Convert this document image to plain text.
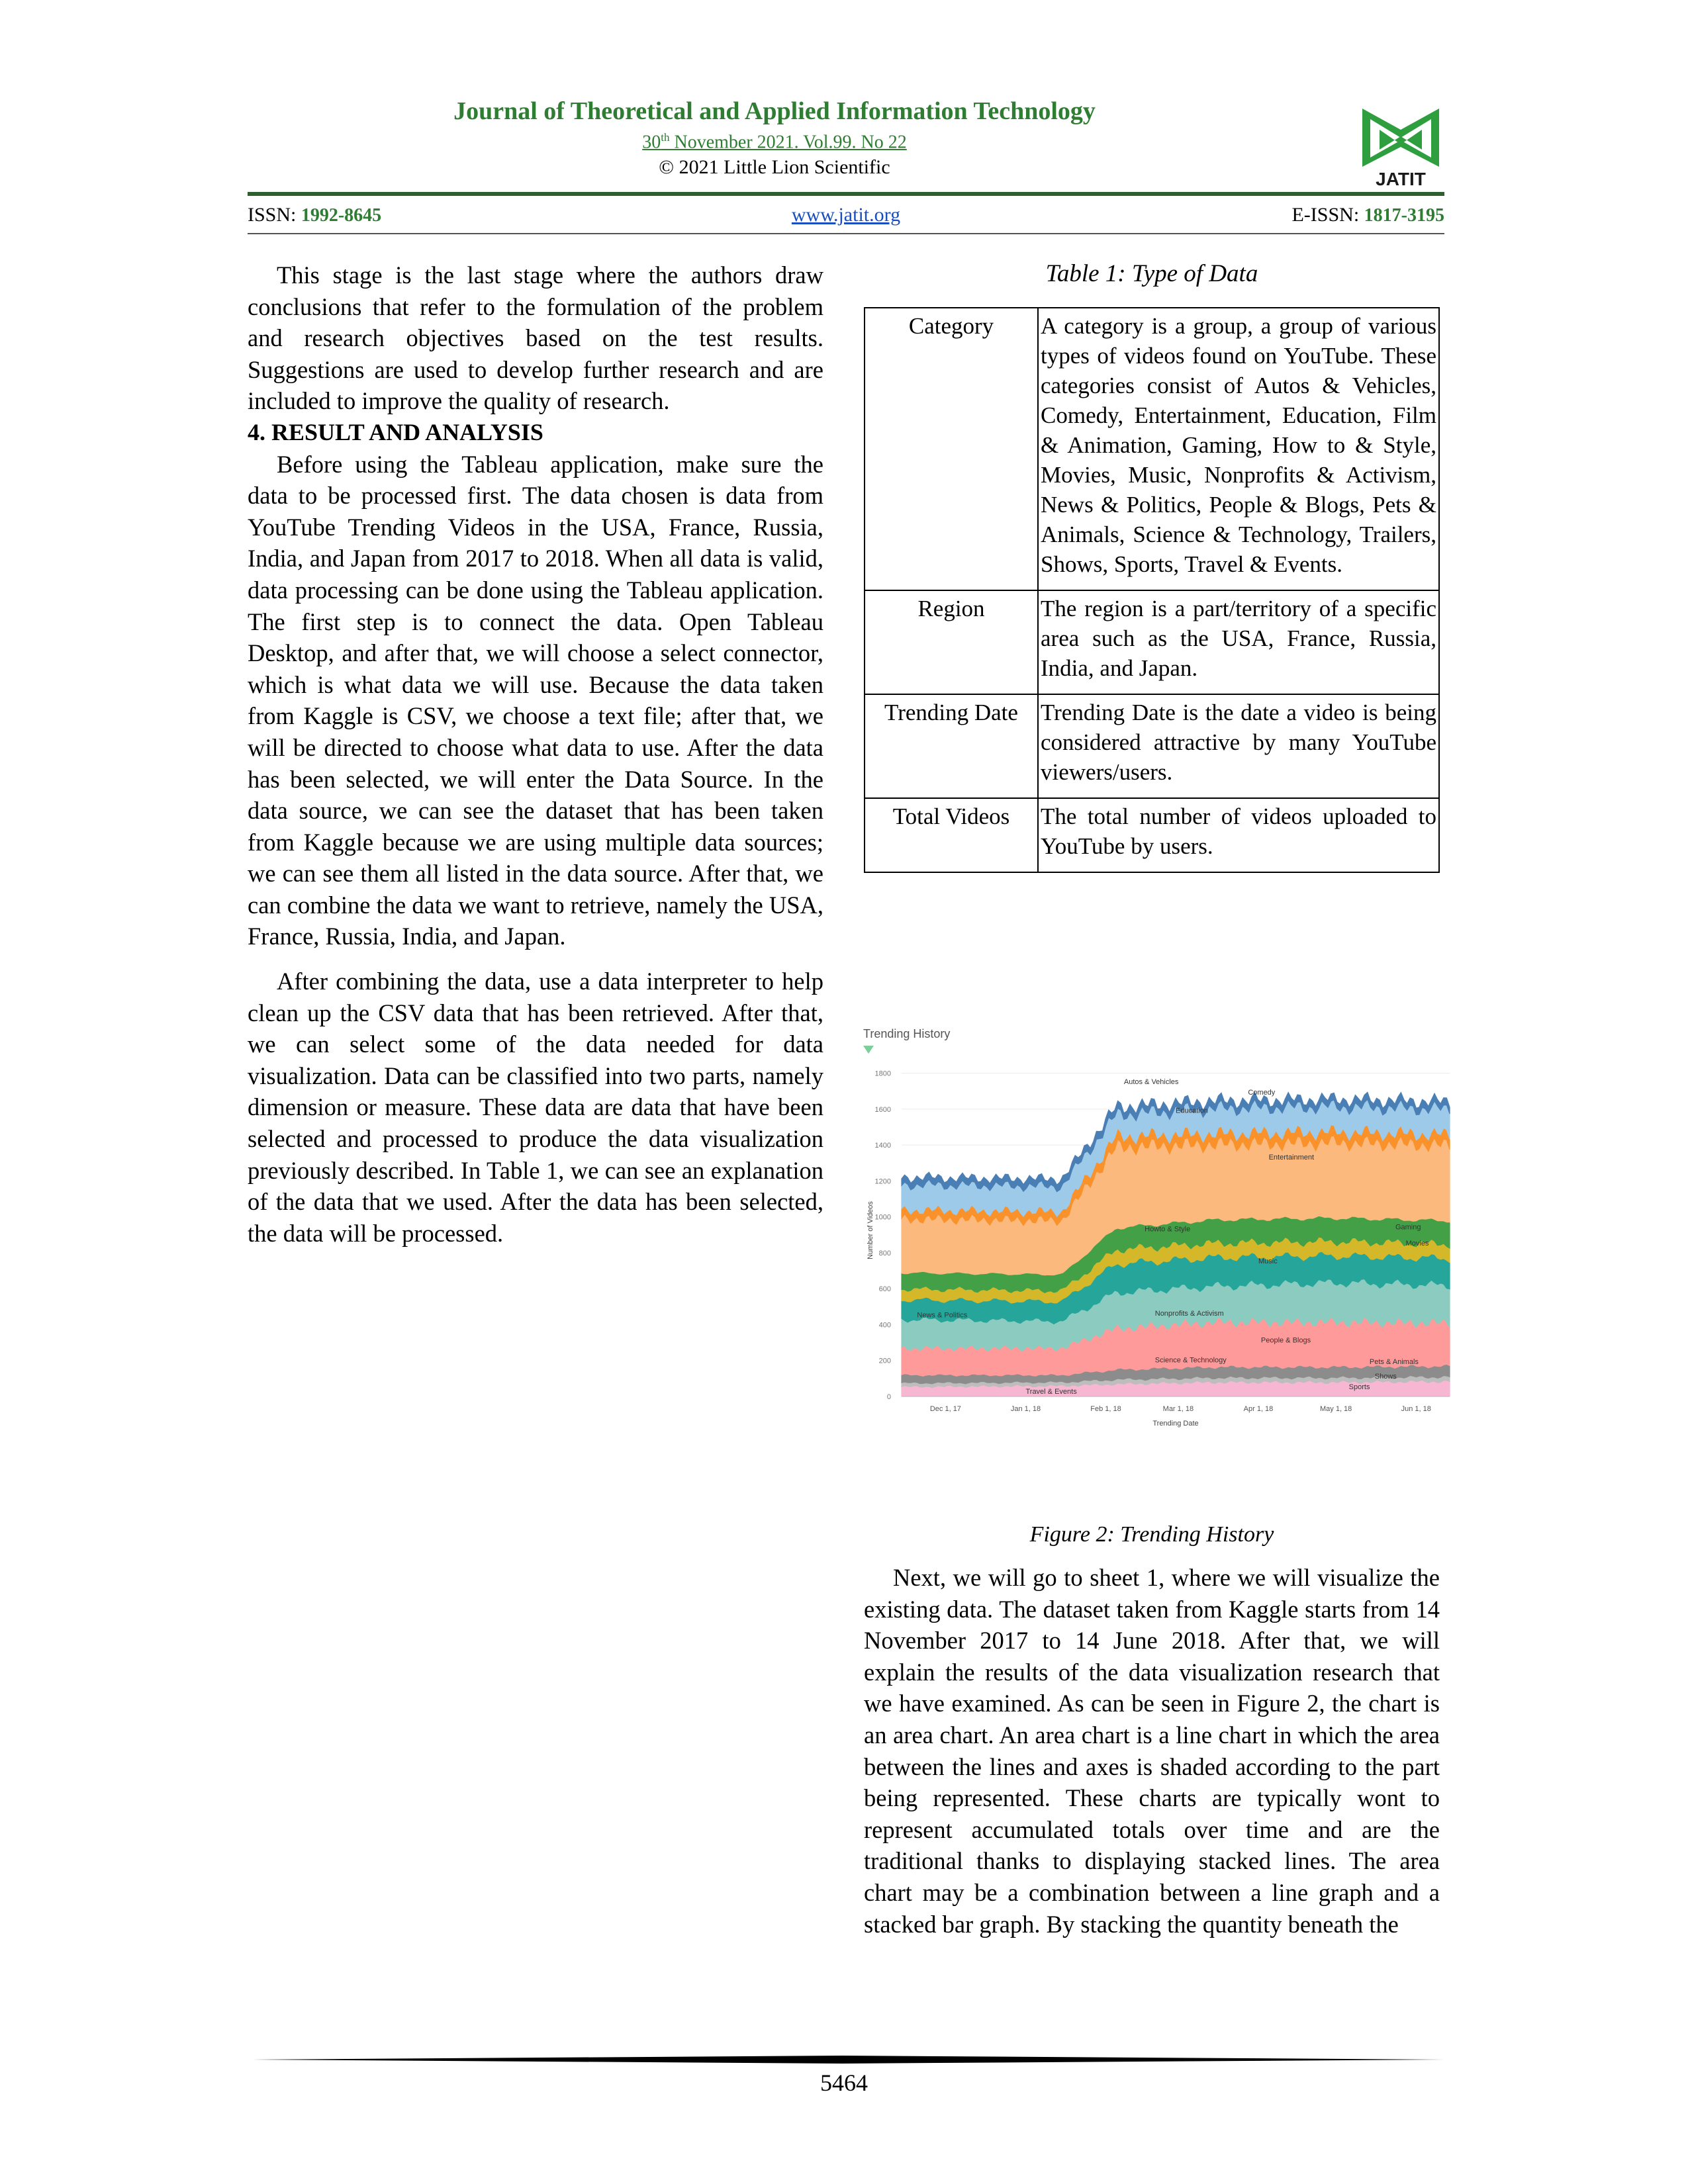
Journal of Theoretical and Applied Information Technology
30th November 2021. Vol.99. No 22
© 2021 Little Lion Scientific
JATIT
ISSN: 1992-8645	www.jatit.org	E-ISSN: 1817-3195

This stage is the last stage where the authors draw conclusions that refer to the formulation of the problem and research objectives based on the test results. Suggestions are used to develop further research and are included to improve the quality of research.

4. RESULT AND ANALYSIS

Before using the Tableau application, make sure the data to be processed first. The data chosen is data from YouTube Trending Videos in the USA, France, Russia, India, and Japan from 2017 to 2018. When all data is valid, data processing can be done using the Tableau application. The first step is to connect the data. Open Tableau Desktop, and after that, we will choose a select connector, which is what data we will use. Because the data taken from Kaggle is CSV, we choose a text file; after that, we will be directed to choose what data to use. After the data has been selected, we will enter the Data Source. In the data source, we can see the dataset that has been taken from Kaggle because we are using multiple data sources; we can see them all listed in the data source. After that, we can combine the data we want to retrieve, namely the USA, France, Russia, India, and Japan.

After combining the data, use a data interpreter to help clean up the CSV data that has been retrieved. After that, we can select some of the data needed for data visualization. Data can be classified into two parts, namely dimension or measure. These data are data that have been selected and processed to produce the data visualization previously described. In Table 1, we can see an explanation of the data that we used. After the data has been selected, the data will be processed.

Table 1: Type of Data
Category	A category is a group, a group of various types of videos found on YouTube. These categories consist of Autos & Vehicles, Comedy, Entertainment, Education, Film & Animation, Gaming, How to & Style, Movies, Music, Nonprofits & Activism, News & Politics, People & Blogs, Pets & Animals, Science & Technology, Trailers, Shows, Sports, Travel & Events.
Region	The region is a part/territory of a specific area such as the USA, France, Russia, India, and Japan.
Trending Date	Trending Date is the date a video is being considered attractive by many YouTube viewers/users.
Total Videos	The total number of videos uploaded to YouTube by users.
Trending History
0
200
400
600
800
1000
1200
1400
1600
1800
Dec 1, 17	Jan 1, 18	Feb 1, 18	Mar 1, 18	Apr 1, 18	May 1, 18	Jun 1, 18
Trending Date
Number of Videos
Autos & Vehicles
Comedy
Education
Entertainment
Howto & Style	Gaming
Movies
Music
News & Politics	Nonprofits & Activism
People & Blogs
Science & Technology	Pets & Animals
Shows
Sports
Travel & Events
Figure 2: Trending History

Next, we will go to sheet 1, where we will visualize the existing data. The dataset taken from Kaggle starts from 14 November 2017 to 14 June 2018. After that, we will explain the results of the data visualization research that we have examined. As can be seen in Figure 2, the chart is an area chart. An area chart is a line chart in which the area between the lines and axes is shaded according to the part being represented. These charts are typically wont to represent accumulated totals over time and are the traditional thanks to displaying stacked lines. The area chart may be a combination between a line graph and a stacked bar graph. By stacking the quantity beneath the

5464
